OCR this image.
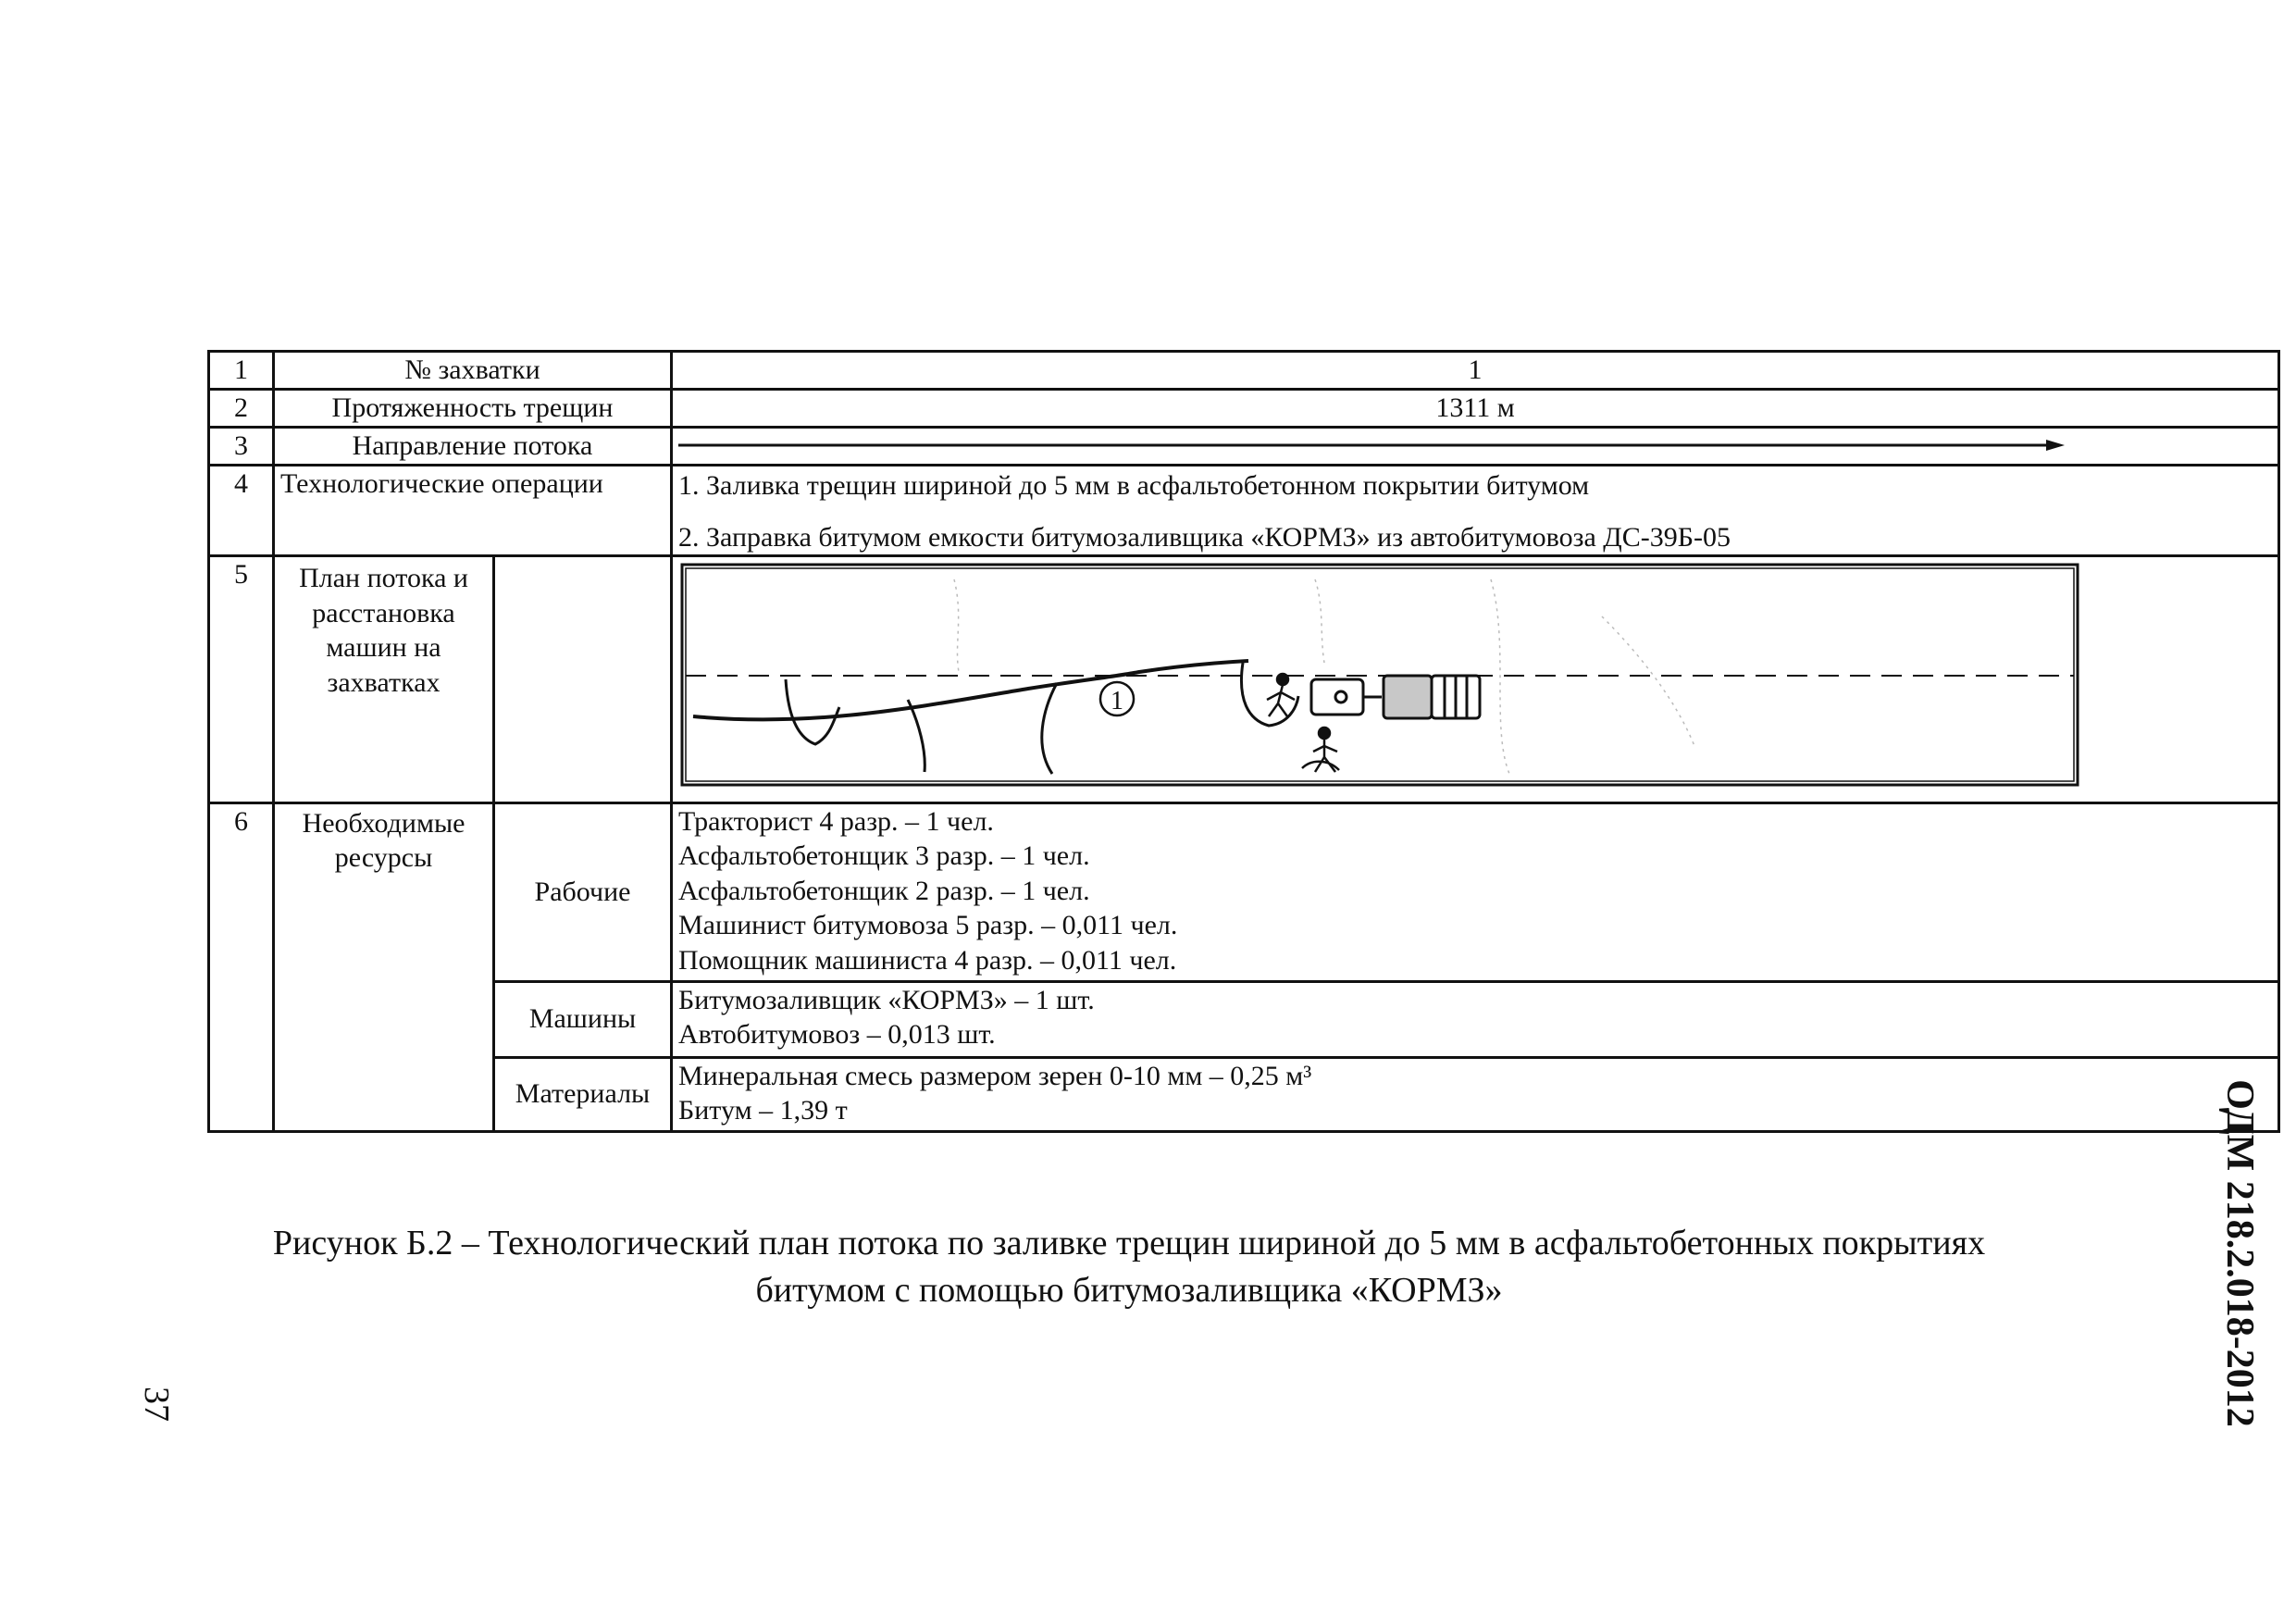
1	№ захватки		1
2	Протяженность трещин		1311 м
3	Направление потока	
4	Технологические операции		1. Заливка трещин шириной до 5 мм в асфальтобетонном покрытии битумом
2. Заправка битумом емкости битумозаливщика «КОРМЗ» из автобитумовоза ДС-39Б-05

5	План потока и расстановка машин на захватках		1

6	Необходимые ресурсы	Рабочие	Тракторист 4 разр. – 1 чел.
Асфальтобетонщик 3 разр. – 1 чел.
Асфальтобетонщик 2 разр. – 1 чел.
Машинист битумовоза 5 разр. – 0,011 чел.
Помощник машиниста 4 разр. – 0,011 чел.

		Машины	Битумозаливщик «КОРМЗ» – 1 шт.
Автобитумовоз – 0,013 шт.

		Материалы	Минеральная смесь размером зерен 0-10 мм – 0,25 м³
Битум – 1,39 т
Рисунок Б.2 – Технологический план потока по заливке трещин шириной до 5 мм в асфальтобетонных покрытиях битумом с помощью битумозаливщика «КОРМЗ»
37	ОДМ 218.2.018-2012
